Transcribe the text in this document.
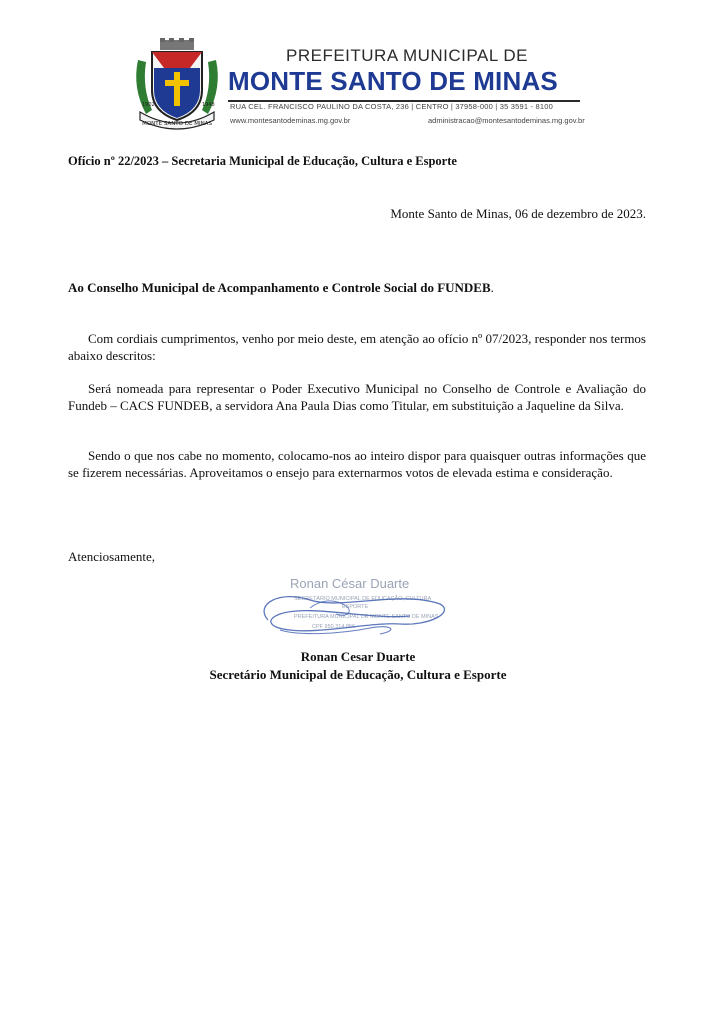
MONTE SANTO DE MINAS
1902	1948
PREFEITURA MUNICIPAL DE
MONTE SANTO DE MINAS
RUA CEL. FRANCISCO PAULINO DA COSTA, 236 | CENTRO | 37958-000 | 35 3591 - 8100
www.montesantodeminas.mg.gov.br	administracao@montesantodeminas.mg.gov.br
Ofício nº 22/2023 – Secretaria Municipal de Educação, Cultura e Esporte
Monte Santo de Minas, 06 de dezembro de 2023.
Ao Conselho Municipal de Acompanhamento e Controle Social do FUNDEB.

Com cordiais cumprimentos, venho por meio deste, em atenção ao ofício nº 07/2023, responder nos termos abaixo descritos:

Será nomeada para representar o Poder Executivo Municipal no Conselho de Controle e Avaliação do Fundeb – CACS FUNDEB, a servidora Ana Paula Dias como Titular, em substituição a Jaqueline da Silva.

Sendo o que nos cabe no momento, colocamo-nos ao inteiro dispor para quaisquer outras informações que se fizerem necessárias. Aproveitamos o ensejo para externarmos votos de elevada estima e consideração.

Atenciosamente,
Ronan César Duarte
SECRETÁRIO MUNICIPAL DE EDUCAÇÃO, CULTURA
ESPORTE
PREFEITURA MUNICIPAL DE MONTE SANTO DE MINAS
CPF 950.314.856
Ronan Cesar Duarte
Secretário Municipal de Educação, Cultura e Esporte
